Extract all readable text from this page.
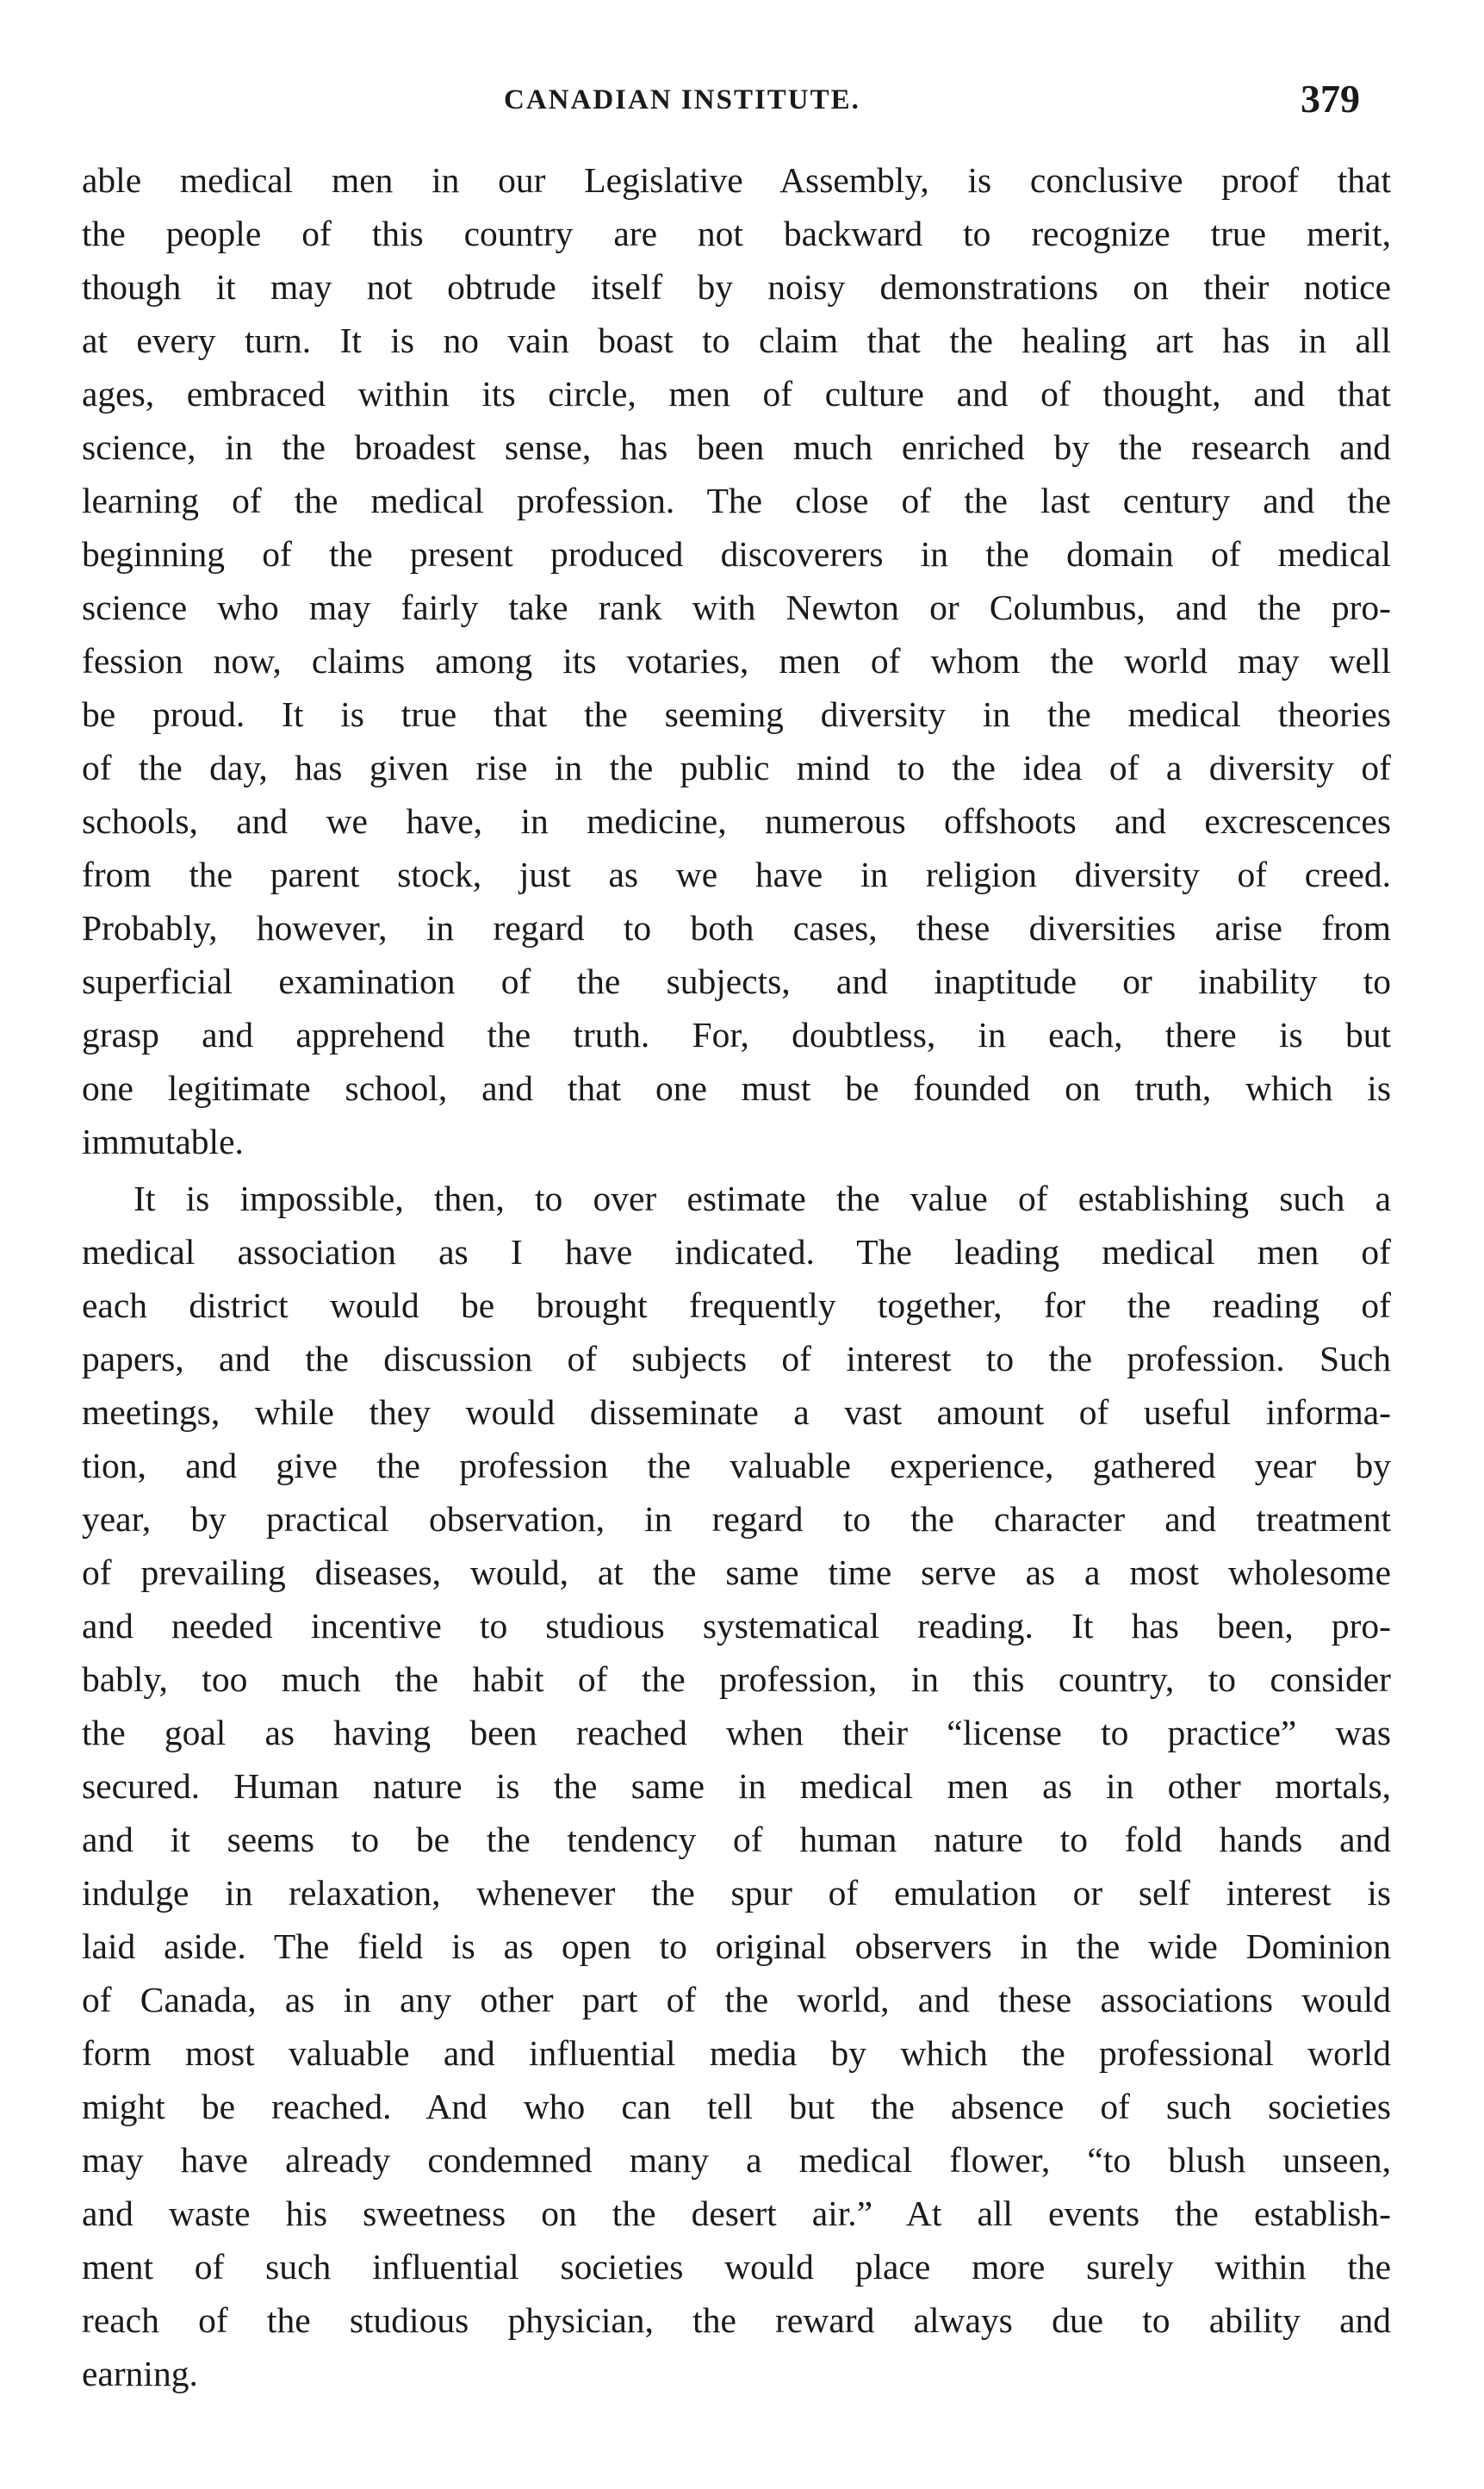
CANADIAN INSTITUTE.	379
able medical men in our Legislative Assembly, is conclusive proof that
the people of this country are not backward to recognize true merit,
though it may not obtrude itself by noisy demonstrations on their notice
at every turn. It is no vain boast to claim that the healing art has in all
ages, embraced within its circle, men of culture and of thought, and that
science, in the broadest sense, has been much enriched by the research and
learning of the medical profession. The close of the last century and the
beginning of the present produced discoverers in the domain of medical
science who may fairly take rank with Newton or Columbus, and the pro-
fession now, claims among its votaries, men of whom the world may well
be proud. It is true that the seeming diversity in the medical theories
of the day, has given rise in the public mind to the idea of a diversity of
schools, and we have, in medicine, numerous offshoots and excrescences
from the parent stock, just as we have in religion diversity of creed.
Probably, however, in regard to both cases, these diversities arise from
superficial examination of the subjects, and inaptitude or inability to
grasp and apprehend the truth. For, doubtless, in each, there is but
one legitimate school, and that one must be founded on truth, which is
immutable.
It is impossible, then, to over estimate the value of establishing such a
medical association as I have indicated. The leading medical men of
each district would be brought frequently together, for the reading of
papers, and the discussion of subjects of interest to the profession. Such
meetings, while they would disseminate a vast amount of useful informa-
tion, and give the profession the valuable experience, gathered year by
year, by practical observation, in regard to the character and treatment
of prevailing diseases, would, at the same time serve as a most wholesome
and needed incentive to studious systematical reading. It has been, pro-
bably, too much the habit of the profession, in this country, to consider
the goal as having been reached when their “license to practice” was
secured. Human nature is the same in medical men as in other mortals,
and it seems to be the tendency of human nature to fold hands and
indulge in relaxation, whenever the spur of emulation or self interest is
laid aside. The field is as open to original observers in the wide Dominion
of Canada, as in any other part of the world, and these associations would
form most valuable and influential media by which the professional world
might be reached. And who can tell but the absence of such societies
may have already condemned many a medical flower, “to blush unseen,
and waste his sweetness on the desert air.” At all events the establish-
ment of such influential societies would place more surely within the
reach of the studious physician, the reward always due to ability and
earning.
